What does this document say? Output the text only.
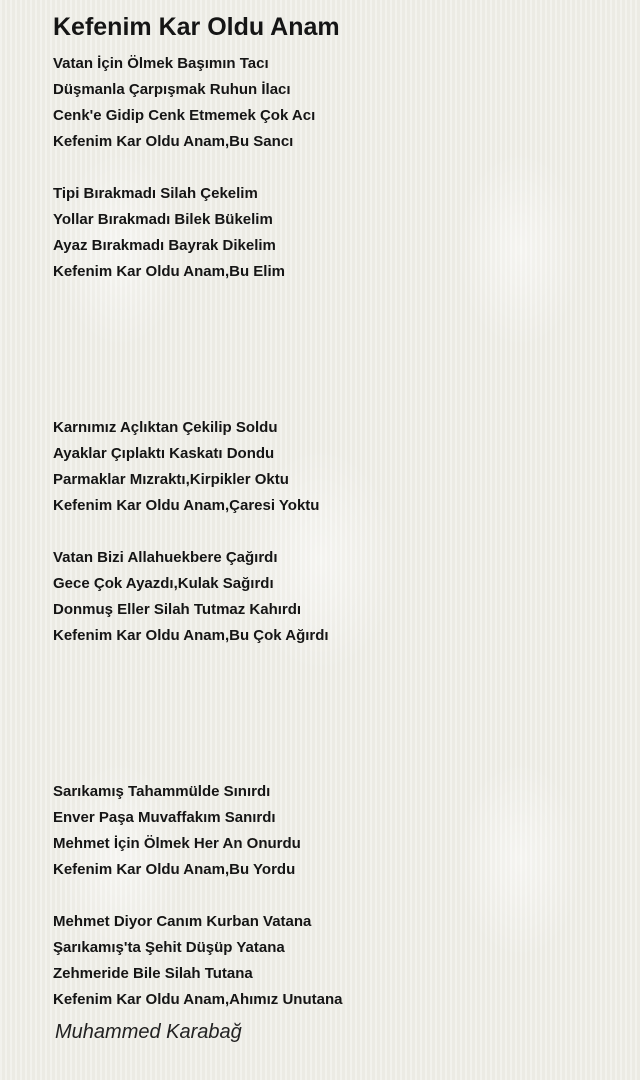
Kefenim Kar Oldu Anam
Vatan İçin Ölmek Başımın Tacı
Düşmanla Çarpışmak Ruhun İlacı
Cenk'e Gidip Cenk Etmemek Çok Acı
Kefenim Kar Oldu Anam,Bu Sancı
Tipi Bırakmadı Silah Çekelim
Yollar Bırakmadı Bilek Bükelim
Ayaz Bırakmadı Bayrak Dikelim
Kefenim Kar Oldu Anam,Bu Elim
Karnımız Açlıktan Çekilip Soldu
Ayaklar Çıplaktı Kaskatı Dondu
Parmaklar Mızraktı,Kirpikler Oktu
Kefenim Kar Oldu Anam,Çaresi Yoktu
Vatan Bizi Allahuekbere Çağırdı
Gece Çok Ayazdı,Kulak Sağırdı
Donmuş Eller Silah Tutmaz Kahırdı
Kefenim Kar Oldu Anam,Bu Çok Ağırdı
Sarıkamış Tahammülde Sınırdı
Enver Paşa Muvaffakım Sanırdı
Mehmet İçin Ölmek Her An Onurdu
Kefenim Kar Oldu Anam,Bu Yordu
Mehmet Diyor Canım Kurban Vatana
Şarıkamış'ta Şehit Düşüp Yatana
Zehmeride Bile Silah Tutana
Kefenim Kar Oldu Anam,Ahımız Unutana
Muhammed Karabağ
